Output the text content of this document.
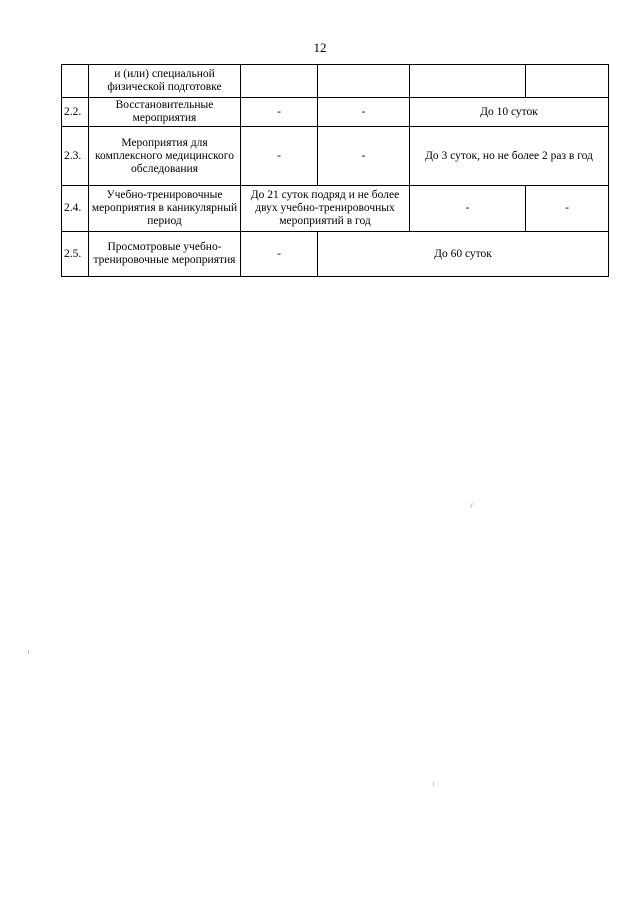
12
	и (или) специальной физической подготовке				
2.2.	Восстановительные мероприятия	-	-	До 10 суток	
2.3.	Мероприятия для комплексного медицинского обследования	-	-	До 3 суток, но не более 2 раз в год	
2.4.	Учебно-тренировочные мероприятия в каникулярный период	До 21 суток подряд и не более двух учебно-тренировочных мероприятий в год		-	-
2.5.	Просмотровые учебно-тренировочные мероприятия	-	До 60 суток		
